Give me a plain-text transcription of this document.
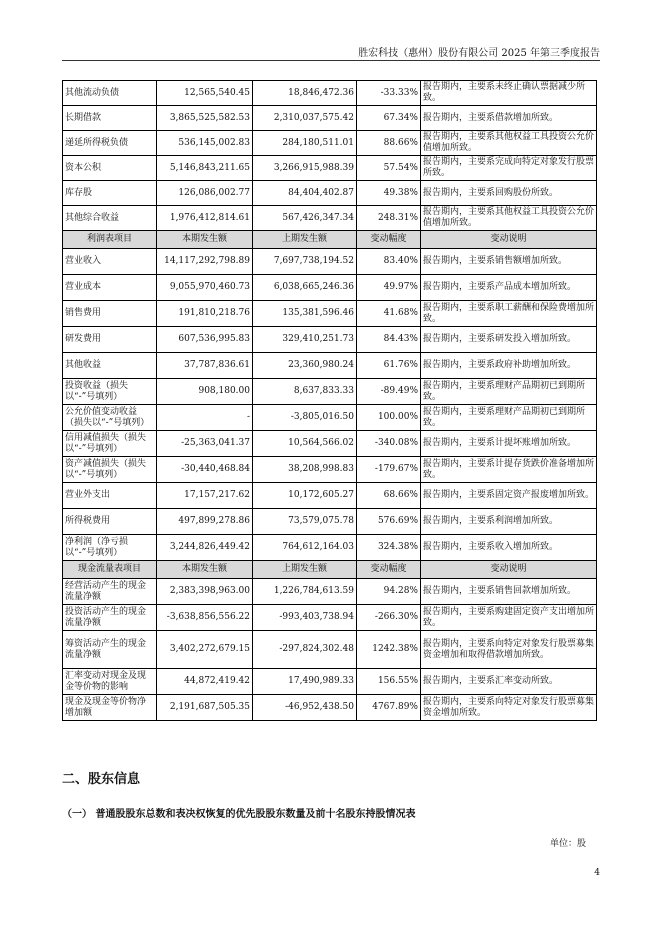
胜宏科技（惠州）股份有限公司 2025 年第三季度报告
其他流动负债	12,565,540.45	18,846,472.36	-33.33%	报告期内，主要系未终止确认票据减少所致。
长期借款	3,865,525,582.53	2,310,037,575.42	67.34%	报告期内，主要系借款增加所致。
递延所得税负债	536,145,002.83	284,180,511.01	88.66%	报告期内，主要系其他权益工具投资公允价值增加所致。
资本公积	5,146,843,211.65	3,266,915,988.39	57.54%	报告期内，主要系完成向特定对象发行股票所致。
库存股	126,086,002.77	84,404,402.87	49.38%	报告期内，主要系回购股份所致。
其他综合收益	1,976,412,814.61	567,426,347.34	248.31%	报告期内，主要系其他权益工具投资公允价值增加所致。
利润表项目	本期发生额	上期发生额	变动幅度	变动说明
营业收入	14,117,292,798.89	7,697,738,194.52	83.40%	报告期内，主要系销售额增加所致。
营业成本	9,055,970,460.73	6,038,665,246.36	49.97%	报告期内，主要系产品成本增加所致。
销售费用	191,810,218.76	135,381,596.46	41.68%	报告期内，主要系职工薪酬和保险费增加所致。
研发费用	607,536,995.83	329,410,251.73	84.43%	报告期内，主要系研发投入增加所致。
其他收益	37,787,836.61	23,360,980.24	61.76%	报告期内，主要系政府补助增加所致。
投资收益（损失以“-”号填列）	908,180.00	8,637,833.33	-89.49%	报告期内，主要系理财产品期初已到期所致。
公允价值变动收益（损失以“-”号填列）	-	-3,805,016.50	100.00%	报告期内，主要系理财产品期初已到期所致。
信用减值损失（损失以“-”号填列）	-25,363,041.37	10,564,566.02	-340.08%	报告期内，主要系计提坏账增加所致。
资产减值损失（损失以“-”号填列）	-30,440,468.84	38,208,998.83	-179.67%	报告期内，主要系计提存货跌价准备增加所致。
营业外支出	17,157,217.62	10,172,605.27	68.66%	报告期内，主要系固定资产报废增加所致。
所得税费用	497,899,278.86	73,579,075.78	576.69%	报告期内，主要系利润增加所致。
净利润（净亏损以“-”号填列）	3,244,826,449.42	764,612,164.03	324.38%	报告期内，主要系收入增加所致。
现金流量表项目	本期发生额	上期发生额	变动幅度	变动说明
经营活动产生的现金流量净额	2,383,398,963.00	1,226,784,613.59	94.28%	报告期内，主要系销售回款增加所致。
投资活动产生的现金流量净额	-3,638,856,556.22	-993,403,738.94	-266.30%	报告期内，主要系购建固定资产支出增加所致。
筹资活动产生的现金流量净额	3,402,272,679.15	-297,824,302.48	1242.38%	报告期内，主要系向特定对象发行股票募集资金增加和取得借款增加所致。
汇率变动对现金及现金等价物的影响	44,872,419.42	17,490,989.33	156.55%	报告期内，主要系汇率变动所致。
现金及现金等价物净增加额	2,191,687,505.35	-46,952,438.50	4767.89%	报告期内，主要系向特定对象发行股票募集资金增加所致。
二、股东信息
（一） 普通股股东总数和表决权恢复的优先股股东数量及前十名股东持股情况表
单位：股
4
